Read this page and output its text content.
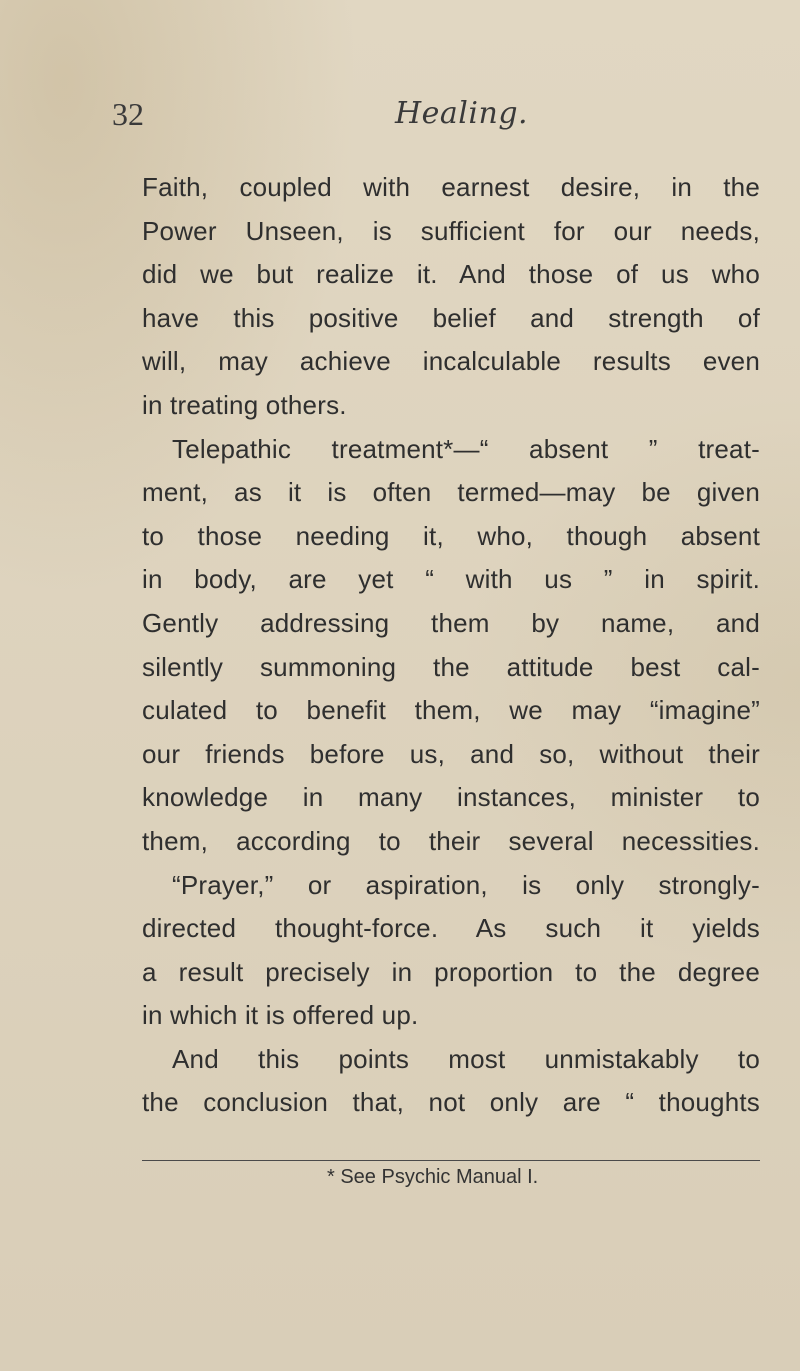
32	Healing.
Faith, coupled with earnest desire, in the
Power Unseen, is sufficient for our needs,
did we but realize it. And those of us who
have this positive belief and strength of
will, may achieve incalculable results even
in treating others.
Telepathic treatment*—“ absent ” treat-
ment, as it is often termed—may be given
to those needing it, who, though absent
in body, are yet “ with us ” in spirit.
Gently addressing them by name, and
silently summoning the attitude best cal-
culated to benefit them, we may “imagine”
our friends before us, and so, without their
knowledge in many instances, minister to
them, according to their several necessities.
“Prayer,” or aspiration, is only strongly-
directed thought-force. As such it yields
a result precisely in proportion to the degree
in which it is offered up.
And this points most unmistakably to
the conclusion that, not only are “ thoughts
* See Psychic Manual I.
